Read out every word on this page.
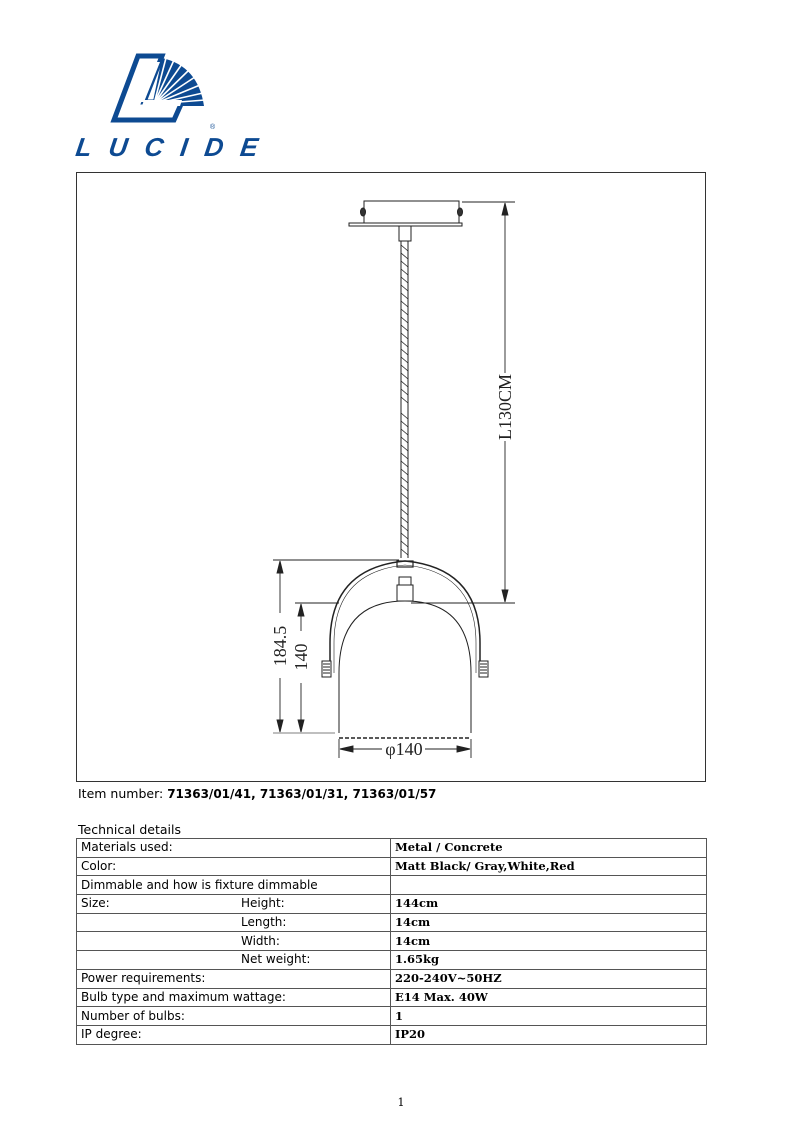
LUCIDE
®
L130CM
184.5 140
φ140
Item number: 71363/01/41, 71363/01/31, 71363/01/57
Technical details
Materials used:	Metal / Concrete

Color:	Matt Black/ Gray,White,Red
Dimmable and how is fixture dimmable	

Size: Height:	144cm

Length:	14cm

Width:	14cm

Net weight:	1.65kg
Power requirements:	220-240V~50HZ
Bulb type and maximum wattage:	E14 Max. 40W
Number of bulbs:	1
IP degree:	IP20
1
